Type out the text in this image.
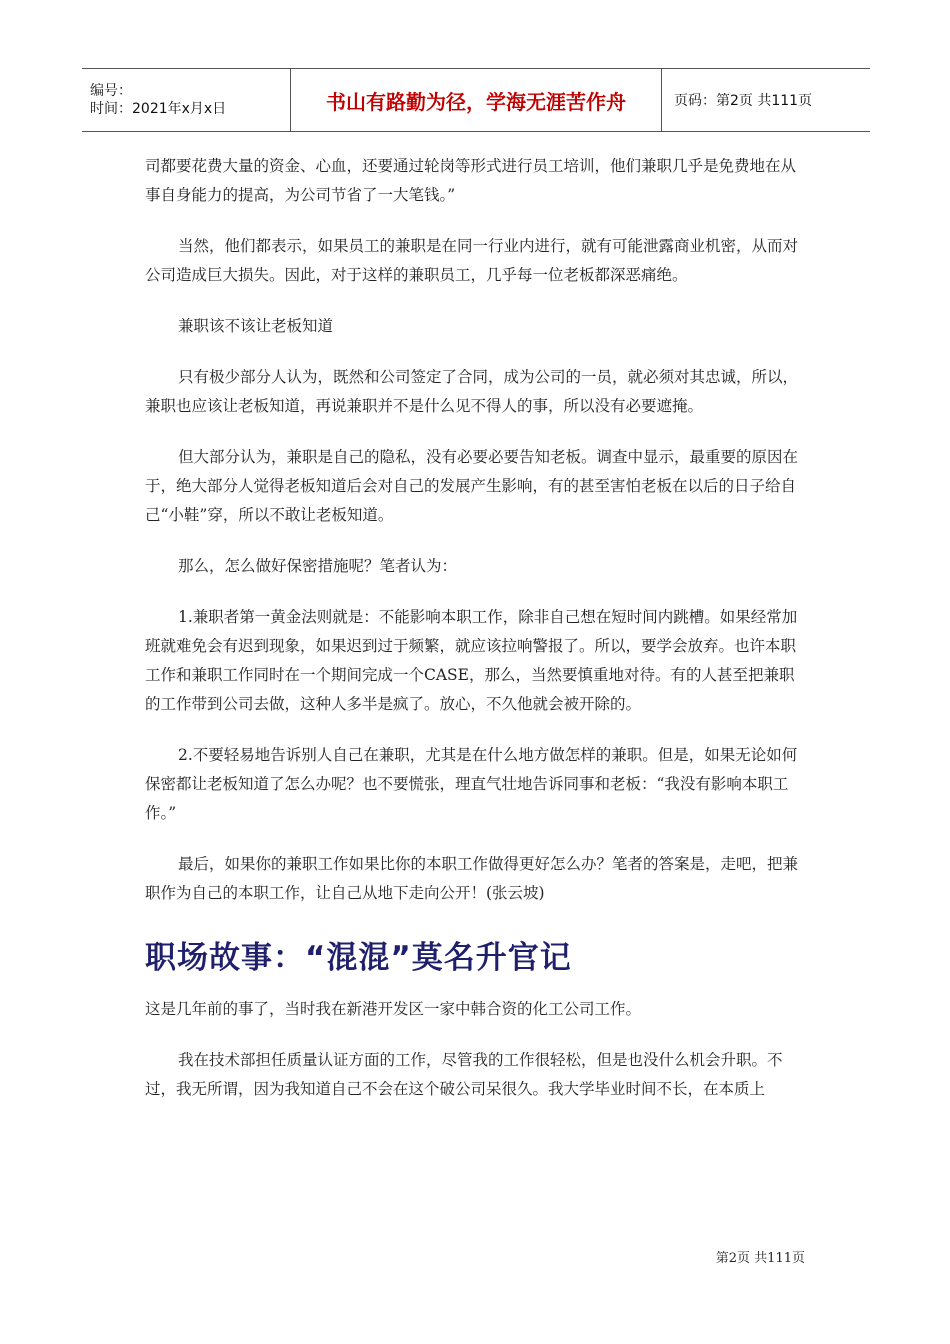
编号：
时间：2021年x月x日	书山有路勤为径，学海无涯苦作舟	页码：第2页 共111页

司都要花费大量的资金、心血，还要通过轮岗等形式进行员工培训，他们兼职几乎是免费地在从事自身能力的提高，为公司节省了一大笔钱。”

当然，他们都表示，如果员工的兼职是在同一行业内进行，就有可能泄露商业机密，从而对公司造成巨大损失。因此，对于这样的兼职员工，几乎每一位老板都深恶痛绝。

兼职该不该让老板知道

只有极少部分人认为，既然和公司签定了合同，成为公司的一员，就必须对其忠诚，所以，兼职也应该让老板知道，再说兼职并不是什么见不得人的事，所以没有必要遮掩。

但大部分认为，兼职是自己的隐私，没有必要必要告知老板。调查中显示，最重要的原因在于，绝大部分人觉得老板知道后会对自己的发展产生影响，有的甚至害怕老板在以后的日子给自己“小鞋”穿，所以不敢让老板知道。

那么，怎么做好保密措施呢？笔者认为：

1.兼职者第一黄金法则就是：不能影响本职工作，除非自己想在短时间内跳槽。如果经常加班就难免会有迟到现象，如果迟到过于频繁，就应该拉响警报了。所以，要学会放弃。也许本职工作和兼职工作同时在一个期间完成一个CASE，那么，当然要慎重地对待。有的人甚至把兼职的工作带到公司去做，这种人多半是疯了。放心，不久他就会被开除的。

2.不要轻易地告诉别人自己在兼职，尤其是在什么地方做怎样的兼职。但是，如果无论如何保密都让老板知道了怎么办呢？也不要慌张，理直气壮地告诉同事和老板：“我没有影响本职工作。”

最后，如果你的兼职工作如果比你的本职工作做得更好怎么办？笔者的答案是，走吧，把兼职作为自己的本职工作，让自己从地下走向公开！(张云坡)

职场故事：“混混”莫名升官记

这是几年前的事了，当时我在新港开发区一家中韩合资的化工公司工作。

我在技术部担任质量认证方面的工作，尽管我的工作很轻松，但是也没什么机会升职。不过，我无所谓，因为我知道自己不会在这个破公司呆很久。我大学毕业时间不长，在本质上

第2页 共111页
